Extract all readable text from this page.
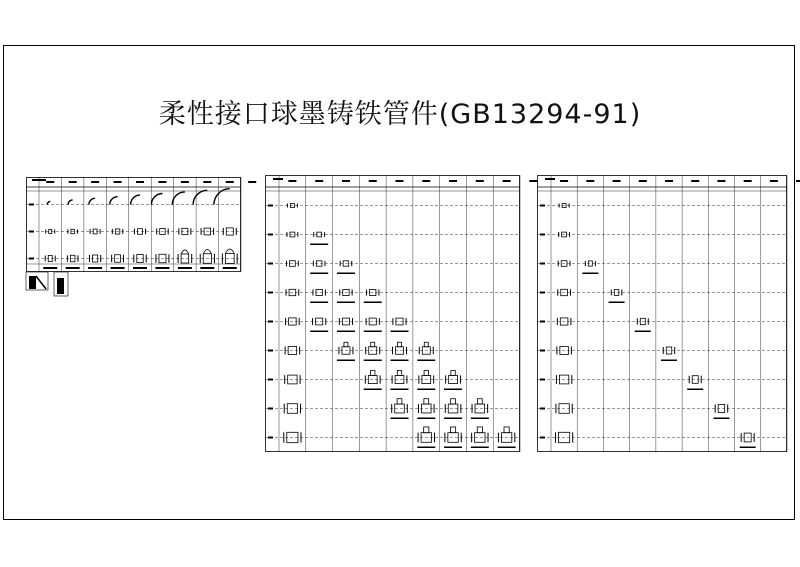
柔性接口球墨铸铁管件(GB13294-91)
